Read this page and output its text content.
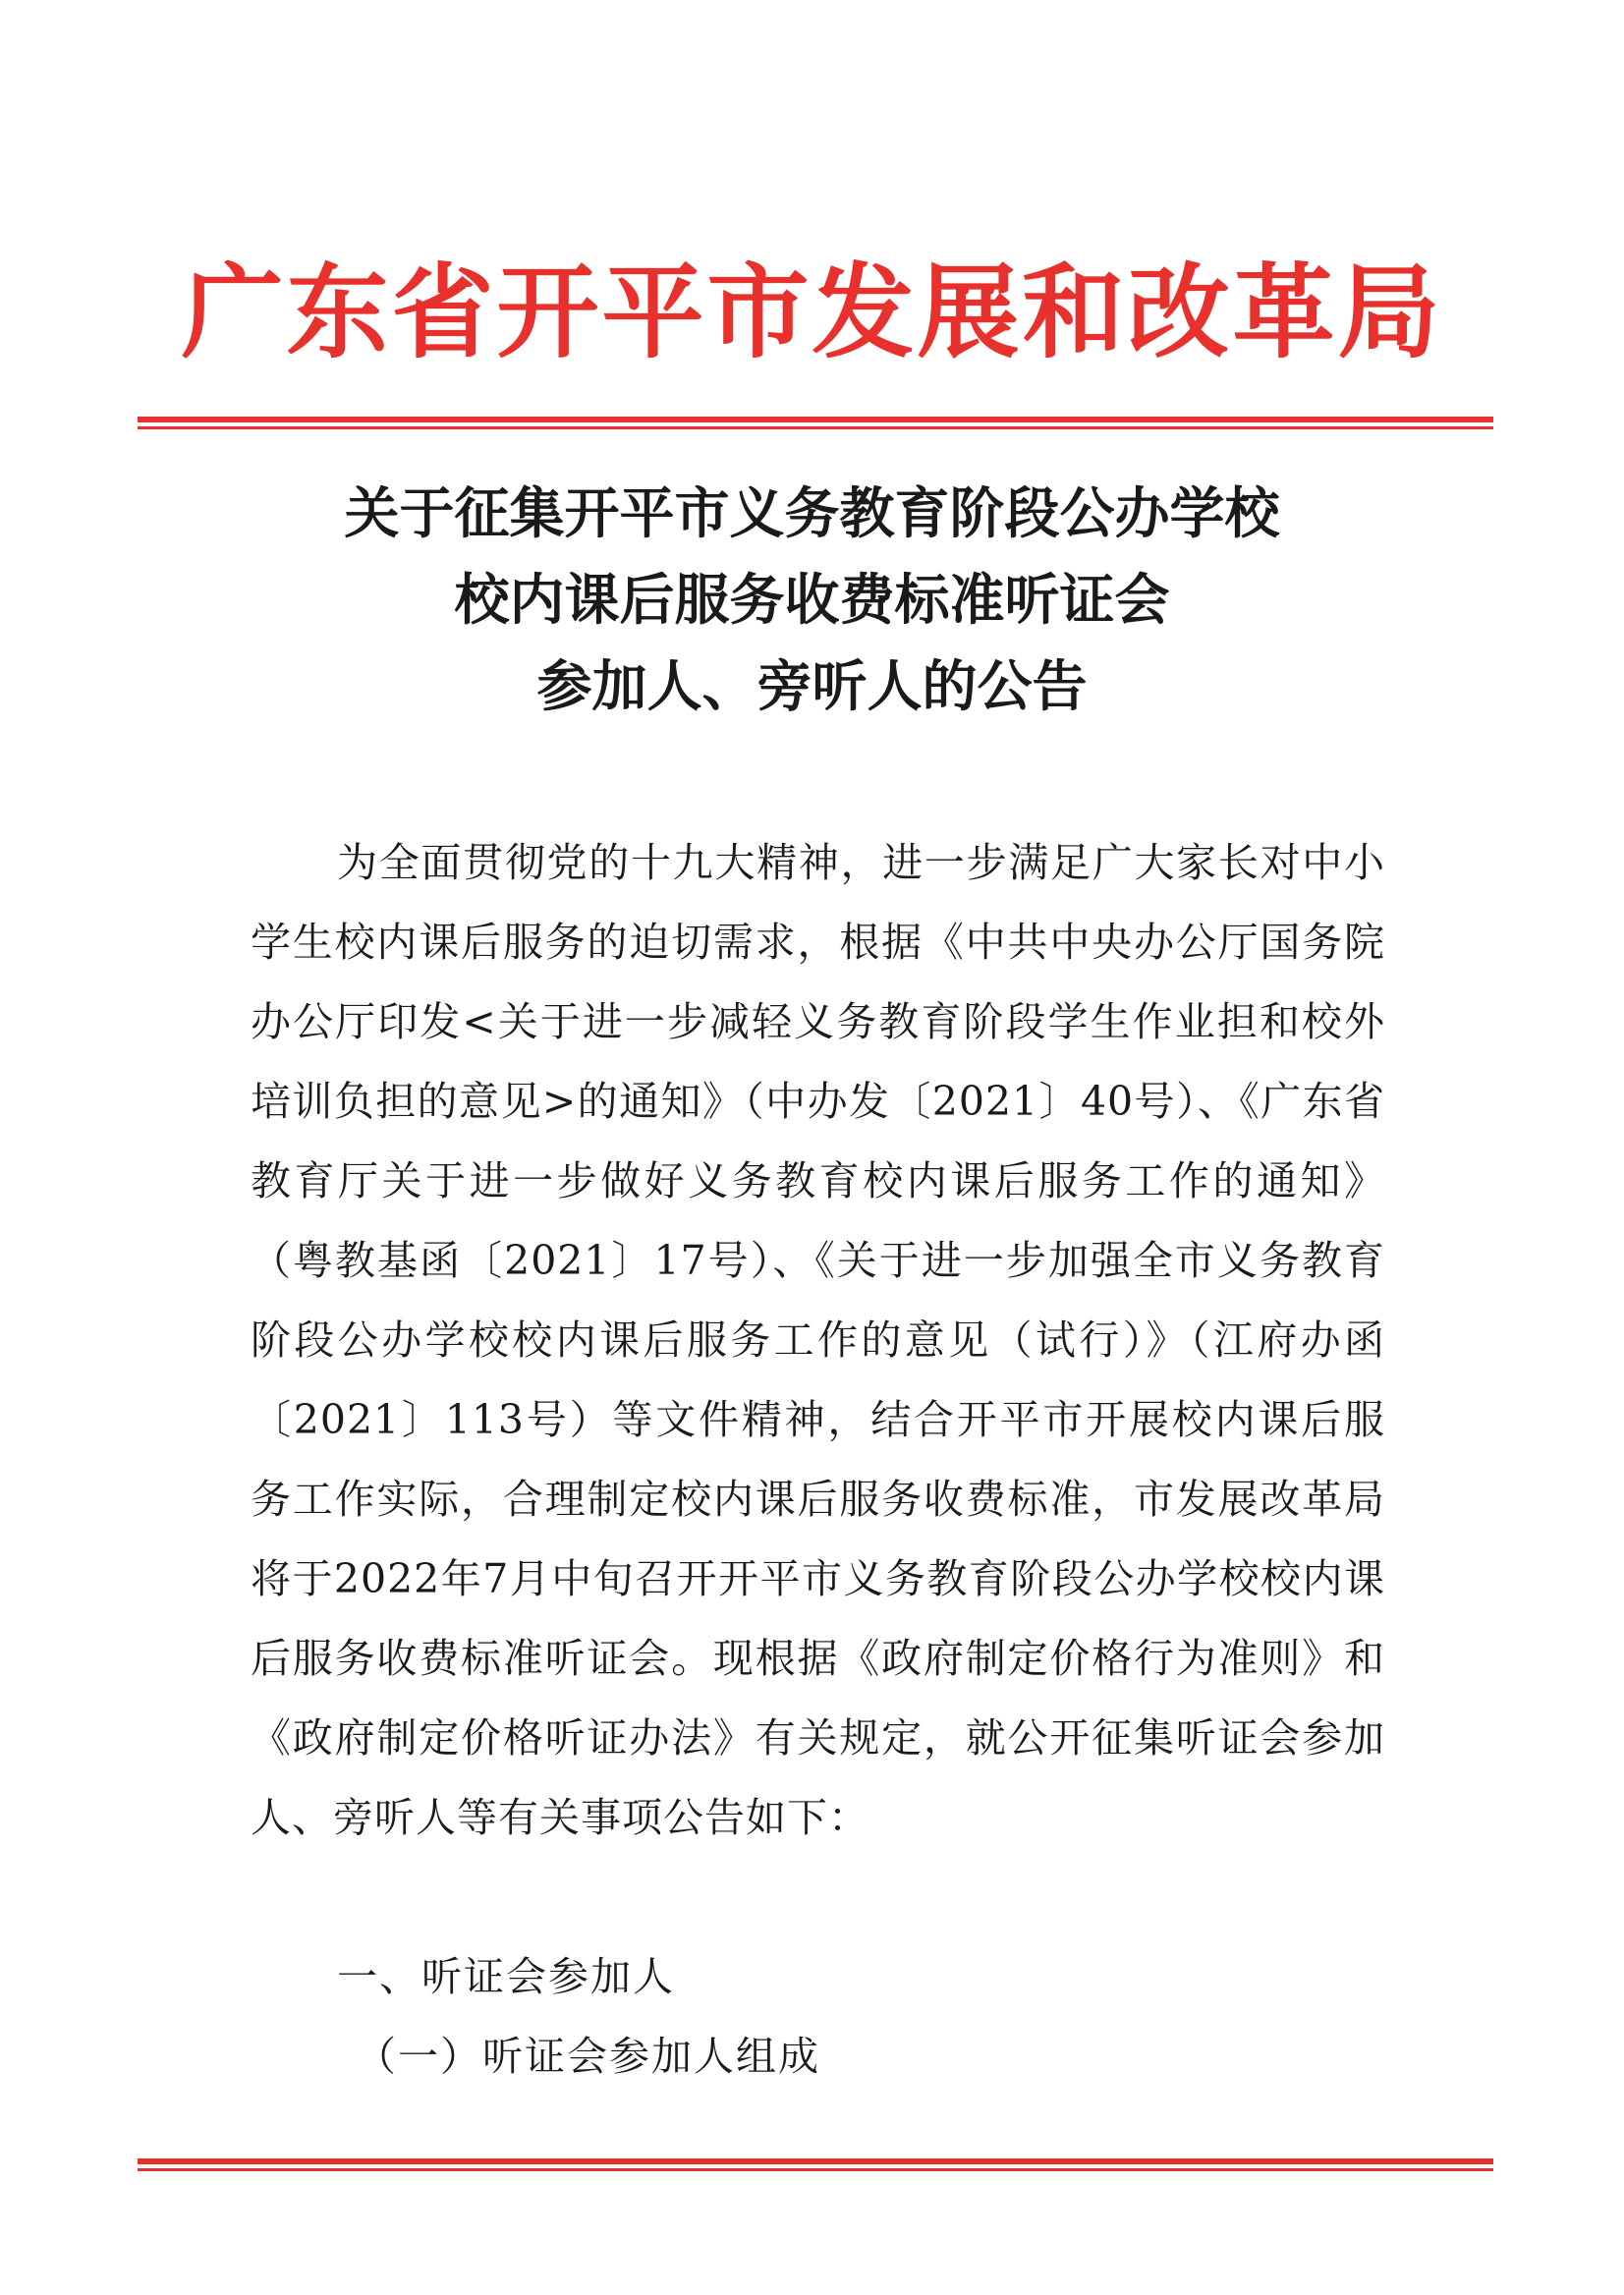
广东省开平市发展和改革局
关于征集开平市义务教育阶段公办学校
校内课后服务收费标准听证会
参加人、旁听人的公告
为全面贯彻党的十九大精神，进一步满足广大家长对中小学生校内课后服务的迫切需求，根据《中共中央办公厅国务院办公厅印发<关于进一步减轻义务教育阶段学生作业担和校外培训负担的意见>的通知》（中办发〔2021〕40号）、《广东省教育厅关于进一步做好义务教育校内课后服务工作的通知》（粤教基函〔2021〕17号）、《关于进一步加强全市义务教育阶段公办学校校内课后服务工作的意见（试行）》（江府办函〔2021〕113号）等文件精神，结合开平市开展校内课后服务工作实际，合理制定校内课后服务收费标准，市发展改革局将于2022年7月中旬召开开平市义务教育阶段公办学校校内课后服务收费标准听证会。现根据《政府制定价格行为准则》和《政府制定价格听证办法》有关规定，就公开征集听证会参加人、旁听人等有关事项公告如下：
一、听证会参加人
（一）听证会参加人组成
